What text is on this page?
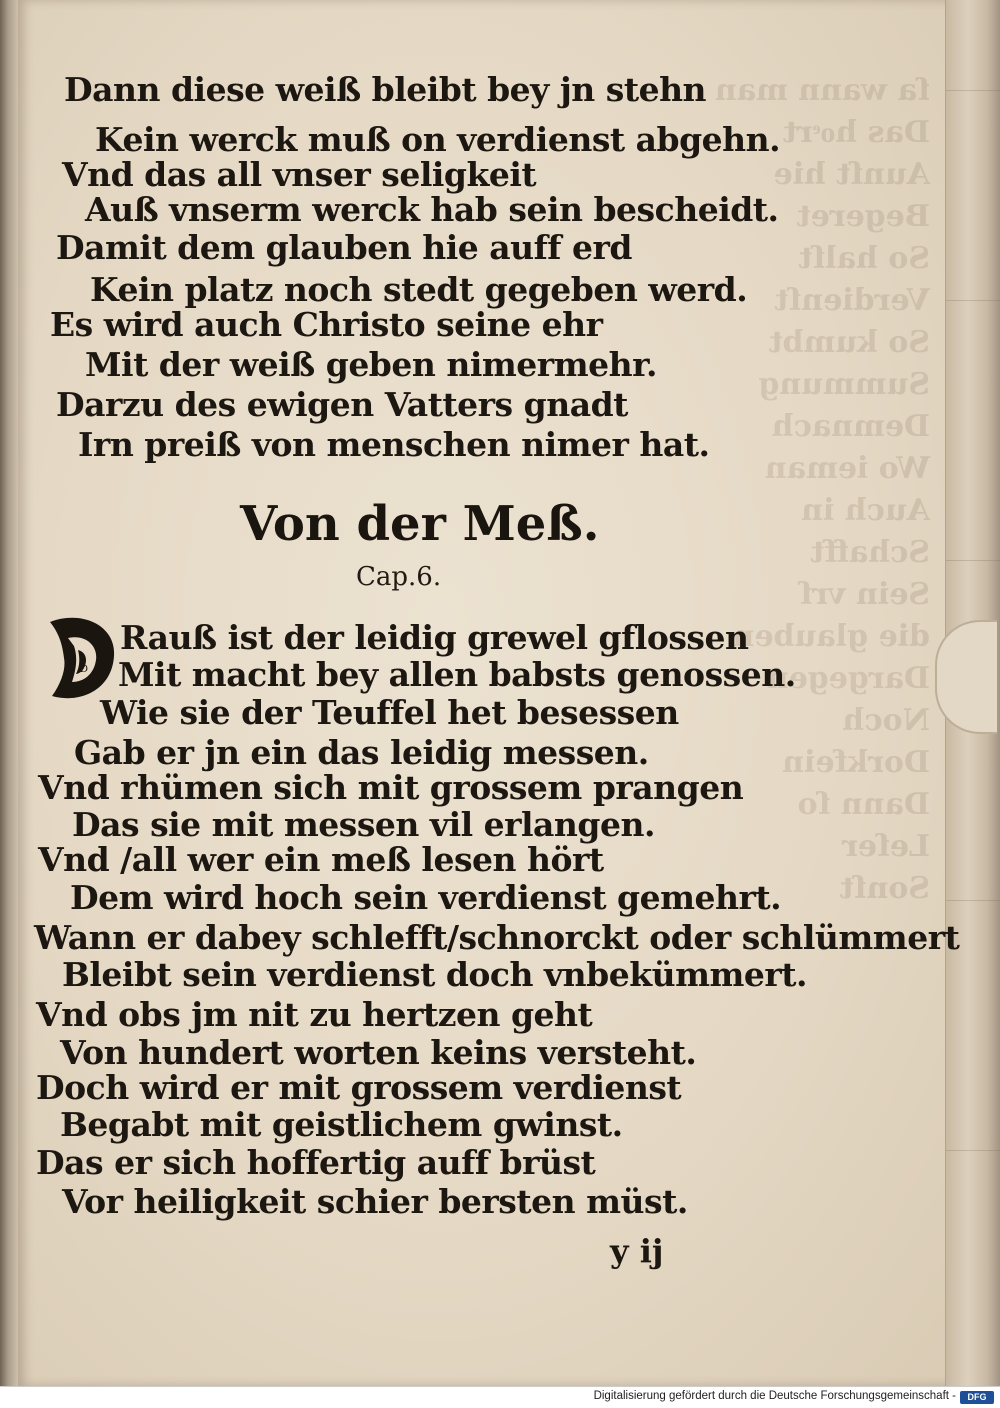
Dann diese weiß bleibt bey jn stehn
Kein werck muß on verdienst abgehn.
Vnd das all vnser seligkeit
Auß vnserm werck hab sein bescheidt.
Damit dem glauben hie auff erd
Kein platz noch stedt gegeben werd.
Es wird auch Christo seine ehr
Mit der weiß geben nimermehr.
Darzu des ewigen Vatters gnadt
Irn preiß von menschen nimer hat.
Von der Meß.
Cap.6.
D
Rauß ist der leidig grewel gflossen
Mit macht bey allen babsts genossen.
Wie sie der Teuffel het besessen
Gab er jn ein das leidig messen.
Vnd rhümen sich mit grossem prangen
Das sie mit messen vil erlangen.
Vnd /all wer ein meß lesen hört
Dem wird hoch sein verdienst gemehrt.
Wann er dabey schlefft/schnorckt oder schlümmert
Bleibt sein verdienst doch vnbekümmert.
Vnd obs jm nit zu hertzen geht
Von hundert worten keins versteht.
Doch wird er mit grossem verdienst
Begabt mit geistlichem gwinst.
Das er sich hoffertig auff brüst
Vor heiligkeit schier bersten müst.
y ij
Digitalisierung gefördert durch die Deutsche Forschungsgemeinschaft -	DFG
